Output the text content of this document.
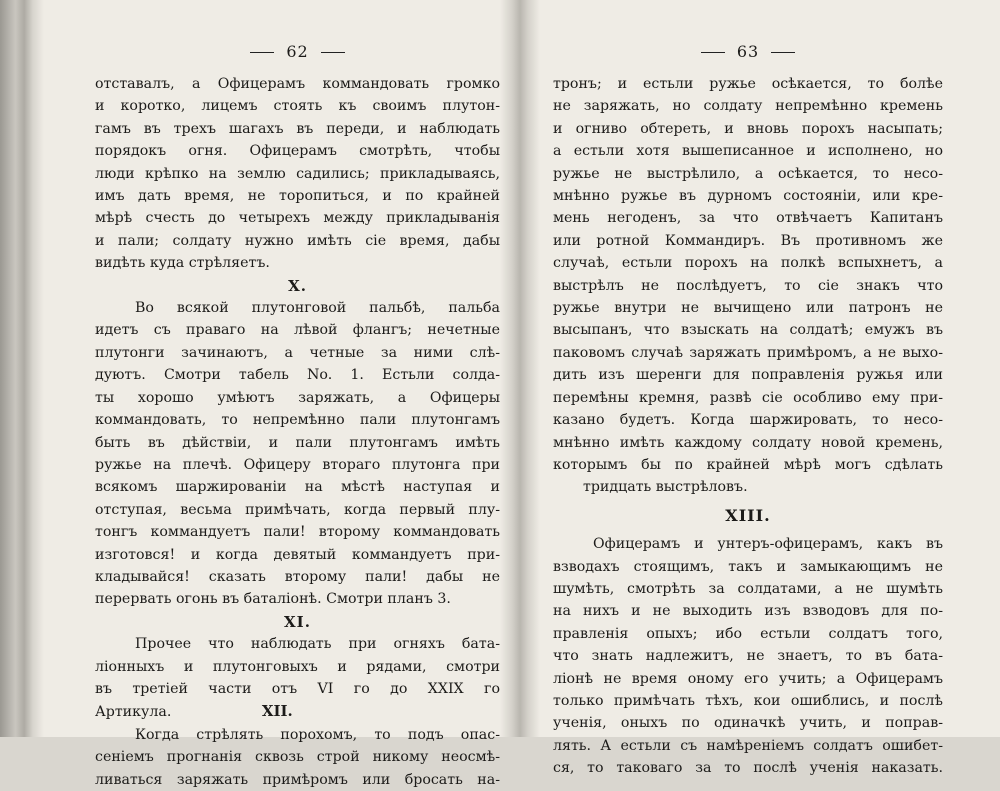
62
отставалъ, а Офицерамъ коммандовать громко
и коротко, лицемъ стоять къ своимъ плутон-
гамъ въ трехъ шагахъ въ переди, и наблюдать
порядокъ огня. Офицерамъ смотрѣть, чтобы
люди крѣпко на землю садились; прикладываясь,
имъ дать время, не торопиться, и по крайней
мѣрѣ счесть до четырехъ между прикладыванія
и пали; солдату нужно имѣть сіе время, дабы
видѣть куда стрѣляетъ.
X.
Во всякой плутонговой пальбѣ, пальба
идетъ съ праваго на лѣвой флангъ; нечетные
плутонги зачинаютъ, а четные за ними слѣ-
дуютъ. Смотри табель No. 1. Естьли солда-
ты хорошо умѣютъ заряжать, а Офицеры
коммандовать, то непремѣнно пали плутонгамъ
быть въ дѣйствіи, и пали плутонгамъ имѣть
ружье на плечѣ. Офицеру втораго плутонга при
всякомъ шаржированіи на мѣстѣ наступая и
отступая, весьма примѣчать, когда первый плу-
тонгъ коммандуетъ пали! второму коммандовать
изготовся! и когда девятый коммандуетъ при-
кладывайся! сказать второму пали! дабы не
перервать огонь въ баталіонѣ. Смотри планъ 3.
XI.
Прочее что наблюдать при огняхъ бата-
ліонныхъ и плутонговыхъ и рядами, смотри
въ третіей части отъ VI го до XXIX го
Артикула.	XII.
Когда стрѣлять порохомъ, то подъ опас-
сеніемъ прогнанія сквозь строй никому неосмѣ-
ливаться заряжать примѣромъ или бросать на-
63
тронъ; и естьли ружье осѣкается, то болѣе
не заряжать, но солдату непремѣнно кремень
и огниво обтереть, и вновь порохъ насыпать;
а естьли хотя вышеписанное и исполнено, но
ружье не выстрѣлило, а осѣкается, то несо-
мнѣнно ружье въ дурномъ состояніи, или кре-
мень негоденъ, за что отвѣчаетъ Капитанъ
или ротной Коммандиръ. Въ противномъ же
случаѣ, естьли порохъ на полкѣ вспыхнетъ, а
выстрѣлъ не послѣдуетъ, то сіе знакъ что
ружье внутри не вычищено или патронъ не
высыпанъ, что взыскать на солдатѣ; емужъ въ
паковомъ случаѣ заряжать примѣромъ, а не выхо-
дить изъ шеренги для поправленія ружья или
перемѣны кремня, развѣ сіе особливо ему при-
казано будетъ. Когда шаржировать, то несо-
мнѣнно имѣть каждому солдату новой кремень,
которымъ бы по крайней мѣрѣ могъ сдѣлать
тридцать выстрѣловъ.
XIII.
Офицерамъ и унтеръ-офицерамъ, какъ въ
взводахъ стоящимъ, такъ и замыкающимъ не
шумѣть, смотрѣть за солдатами, а не шумѣть
на нихъ и не выходить изъ взводовъ для по-
правленія опыхъ; ибо естьли солдатъ того,
что знать надлежитъ, не знаетъ, то въ бата-
ліонѣ не время оному его учить; а Офицерамъ
только примѣчать тѣхъ, кои ошиблись, и послѣ
ученія, оныхъ по одиначкѣ учить, и поправ-
лять. А естьли съ намѣреніемъ солдатъ ошибет-
ся, то таковаго за то послѣ ученія наказать.
